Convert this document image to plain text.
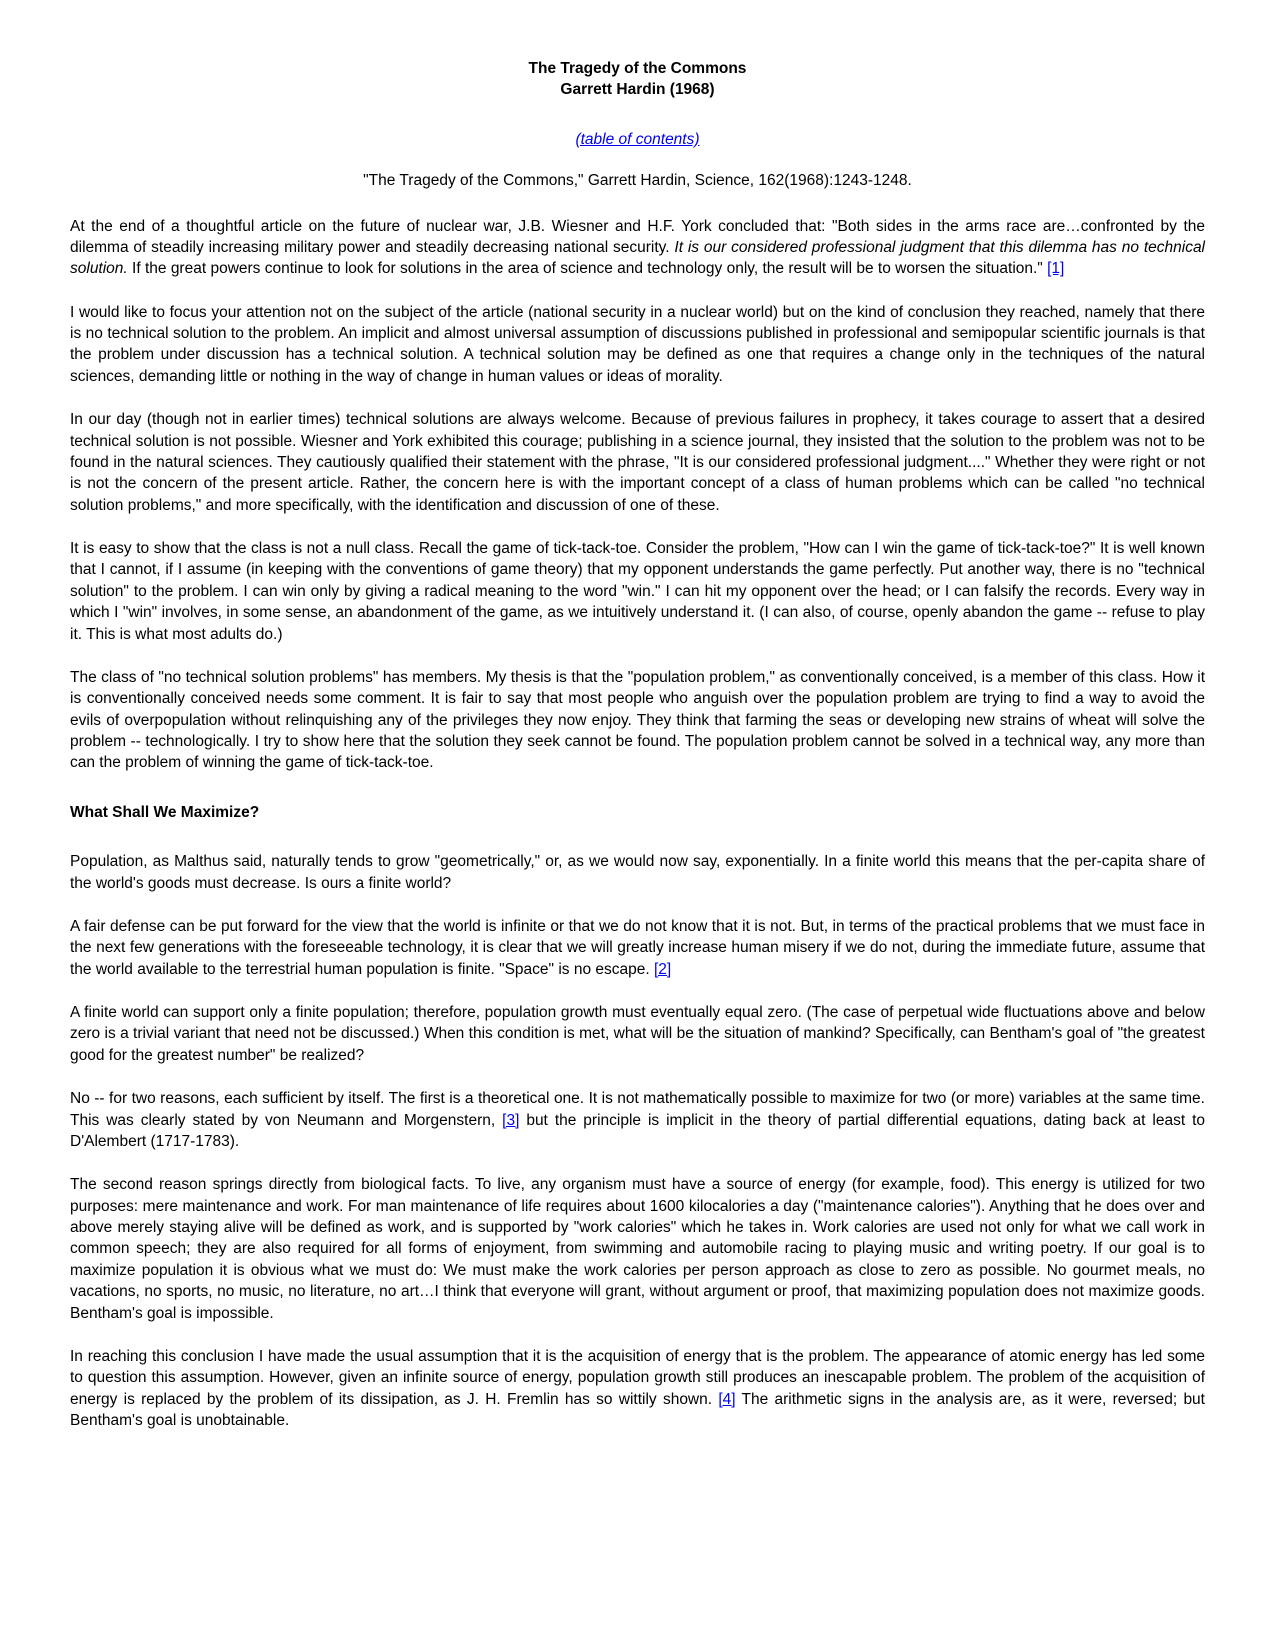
The Tragedy of the Commons
Garrett Hardin (1968)
(table of contents)
"The Tragedy of the Commons," Garrett Hardin, Science, 162(1968):1243-1248.

At the end of a thoughtful article on the future of nuclear war, J.B. Wiesner and H.F. York concluded that: "Both sides in the arms race are…confronted by the dilemma of steadily increasing military power and steadily decreasing national security. It is our considered professional judgment that this dilemma has no technical solution. If the great powers continue to look for solutions in the area of science and technology only, the result will be to worsen the situation." [1]

I would like to focus your attention not on the subject of the article (national security in a nuclear world) but on the kind of conclusion they reached, namely that there is no technical solution to the problem. An implicit and almost universal assumption of discussions published in professional and semipopular scientific journals is that the problem under discussion has a technical solution. A technical solution may be defined as one that requires a change only in the techniques of the natural sciences, demanding little or nothing in the way of change in human values or ideas of morality.

In our day (though not in earlier times) technical solutions are always welcome. Because of previous failures in prophecy, it takes courage to assert that a desired technical solution is not possible. Wiesner and York exhibited this courage; publishing in a science journal, they insisted that the solution to the problem was not to be found in the natural sciences. They cautiously qualified their statement with the phrase, "It is our considered professional judgment...." Whether they were right or not is not the concern of the present article. Rather, the concern here is with the important concept of a class of human problems which can be called "no technical solution problems," and more specifically, with the identification and discussion of one of these.

It is easy to show that the class is not a null class. Recall the game of tick-tack-toe. Consider the problem, "How can I win the game of tick-tack-toe?" It is well known that I cannot, if I assume (in keeping with the conventions of game theory) that my opponent understands the game perfectly. Put another way, there is no "technical solution" to the problem. I can win only by giving a radical meaning to the word "win." I can hit my opponent over the head; or I can falsify the records. Every way in which I "win" involves, in some sense, an abandonment of the game, as we intuitively understand it. (I can also, of course, openly abandon the game -- refuse to play it. This is what most adults do.)

The class of "no technical solution problems" has members. My thesis is that the "population problem," as conventionally conceived, is a member of this class. How it is conventionally conceived needs some comment. It is fair to say that most people who anguish over the population problem are trying to find a way to avoid the evils of overpopulation without relinquishing any of the privileges they now enjoy. They think that farming the seas or developing new strains of wheat will solve the problem -- technologically. I try to show here that the solution they seek cannot be found. The population problem cannot be solved in a technical way, any more than can the problem of winning the game of tick-tack-toe.

What Shall We Maximize?

Population, as Malthus said, naturally tends to grow "geometrically," or, as we would now say, exponentially. In a finite world this means that the per-capita share of the world's goods must decrease. Is ours a finite world?

A fair defense can be put forward for the view that the world is infinite or that we do not know that it is not. But, in terms of the practical problems that we must face in the next few generations with the foreseeable technology, it is clear that we will greatly increase human misery if we do not, during the immediate future, assume that the world available to the terrestrial human population is finite. "Space" is no escape. [2]

A finite world can support only a finite population; therefore, population growth must eventually equal zero. (The case of perpetual wide fluctuations above and below zero is a trivial variant that need not be discussed.) When this condition is met, what will be the situation of mankind? Specifically, can Bentham's goal of "the greatest good for the greatest number" be realized?

No -- for two reasons, each sufficient by itself. The first is a theoretical one. It is not mathematically possible to maximize for two (or more) variables at the same time. This was clearly stated by von Neumann and Morgenstern, [3] but the principle is implicit in the theory of partial differential equations, dating back at least to D'Alembert (1717-1783).

The second reason springs directly from biological facts. To live, any organism must have a source of energy (for example, food). This energy is utilized for two purposes: mere maintenance and work. For man maintenance of life requires about 1600 kilocalories a day ("maintenance calories"). Anything that he does over and above merely staying alive will be defined as work, and is supported by "work calories" which he takes in. Work calories are used not only for what we call work in common speech; they are also required for all forms of enjoyment, from swimming and automobile racing to playing music and writing poetry. If our goal is to maximize population it is obvious what we must do: We must make the work calories per person approach as close to zero as possible. No gourmet meals, no vacations, no sports, no music, no literature, no art…I think that everyone will grant, without argument or proof, that maximizing population does not maximize goods. Bentham's goal is impossible.

In reaching this conclusion I have made the usual assumption that it is the acquisition of energy that is the problem. The appearance of atomic energy has led some to question this assumption. However, given an infinite source of energy, population growth still produces an inescapable problem. The problem of the acquisition of energy is replaced by the problem of its dissipation, as J. H. Fremlin has so wittily shown. [4] The arithmetic signs in the analysis are, as it were, reversed; but Bentham's goal is unobtainable.
